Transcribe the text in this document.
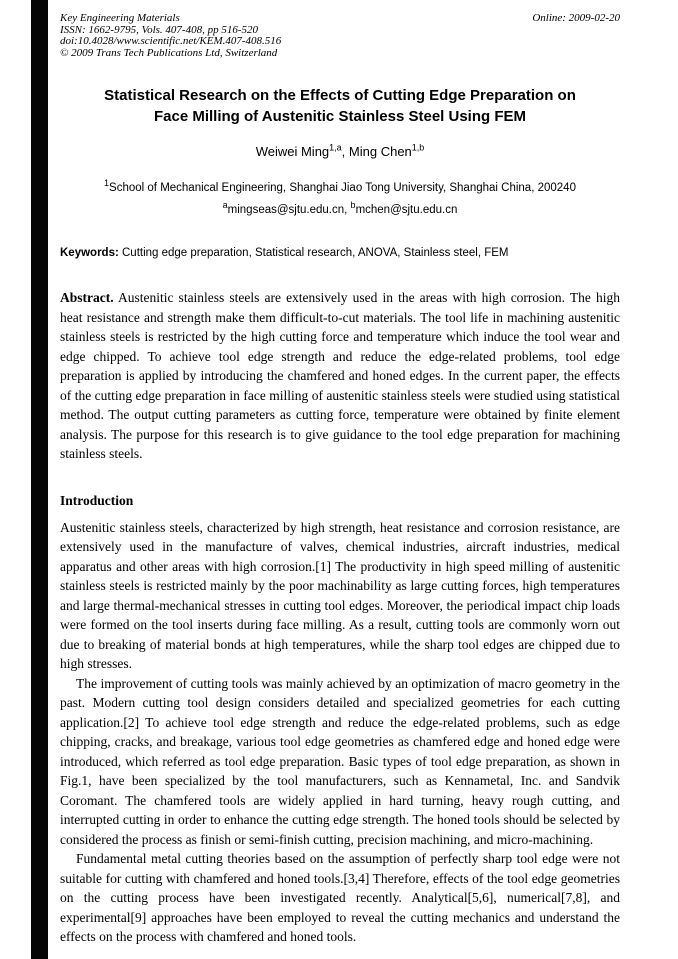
Key Engineering Materials
ISSN: 1662-9795, Vols. 407-408, pp 516-520
doi:10.4028/www.scientific.net/KEM.407-408.516
© 2009 Trans Tech Publications Ltd, Switzerland
Online: 2009-02-20
Statistical Research on the Effects of Cutting Edge Preparation on Face Milling of Austenitic Stainless Steel Using FEM
Weiwei Ming$^{1,a}$, Ming Chen$^{1,b}$
$^1$School of Mechanical Engineering, Shanghai Jiao Tong University, Shanghai China, 200240
$^a$mingseas@sjtu.edu.cn, $^b$mchen@sjtu.edu.cn
Keywords: Cutting edge preparation, Statistical research, ANOVA, Stainless steel, FEM

Abstract. Austenitic stainless steels are extensively used in the areas with high corrosion. The high heat resistance and strength make them difficult-to-cut materials. The tool life in machining austenitic stainless steels is restricted by the high cutting force and temperature which induce the tool wear and edge chipped. To achieve tool edge strength and reduce the edge-related problems, tool edge preparation is applied by introducing the chamfered and honed edges. In the current paper, the effects of the cutting edge preparation in face milling of austenitic stainless steels were studied using statistical method. The output cutting parameters as cutting force, temperature were obtained by finite element analysis. The purpose for this research is to give guidance to the tool edge preparation for machining stainless steels.

Introduction

Austenitic stainless steels, characterized by high strength, heat resistance and corrosion resistance, are extensively used in the manufacture of valves, chemical industries, aircraft industries, medical apparatus and other areas with high corrosion.[1] The productivity in high speed milling of austenitic stainless steels is restricted mainly by the poor machinability as large cutting forces, high temperatures and large thermal-mechanical stresses in cutting tool edges. Moreover, the periodical impact chip loads were formed on the tool inserts during face milling. As a result, cutting tools are commonly worn out due to breaking of material bonds at high temperatures, while the sharp tool edges are chipped due to high stresses.

The improvement of cutting tools was mainly achieved by an optimization of macro geometry in the past. Modern cutting tool design considers detailed and specialized geometries for each cutting application.[2] To achieve tool edge strength and reduce the edge-related problems, such as edge chipping, cracks, and breakage, various tool edge geometries as chamfered edge and honed edge were introduced, which referred as tool edge preparation. Basic types of tool edge preparation, as shown in Fig.1, have been specialized by the tool manufacturers, such as Kennametal, Inc. and Sandvik Coromant. The chamfered tools are widely applied in hard turning, heavy rough cutting, and interrupted cutting in order to enhance the cutting edge strength. The honed tools should be selected by considered the process as finish or semi-finish cutting, precision machining, and micro-machining.

Fundamental metal cutting theories based on the assumption of perfectly sharp tool edge were not suitable for cutting with chamfered and honed tools.[3,4] Therefore, effects of the tool edge geometries on the cutting process have been investigated recently. Analytical[5,6], numerical[7,8], and experimental[9] approaches have been employed to reveal the cutting mechanics and understand the effects on the process with chamfered and honed tools.
